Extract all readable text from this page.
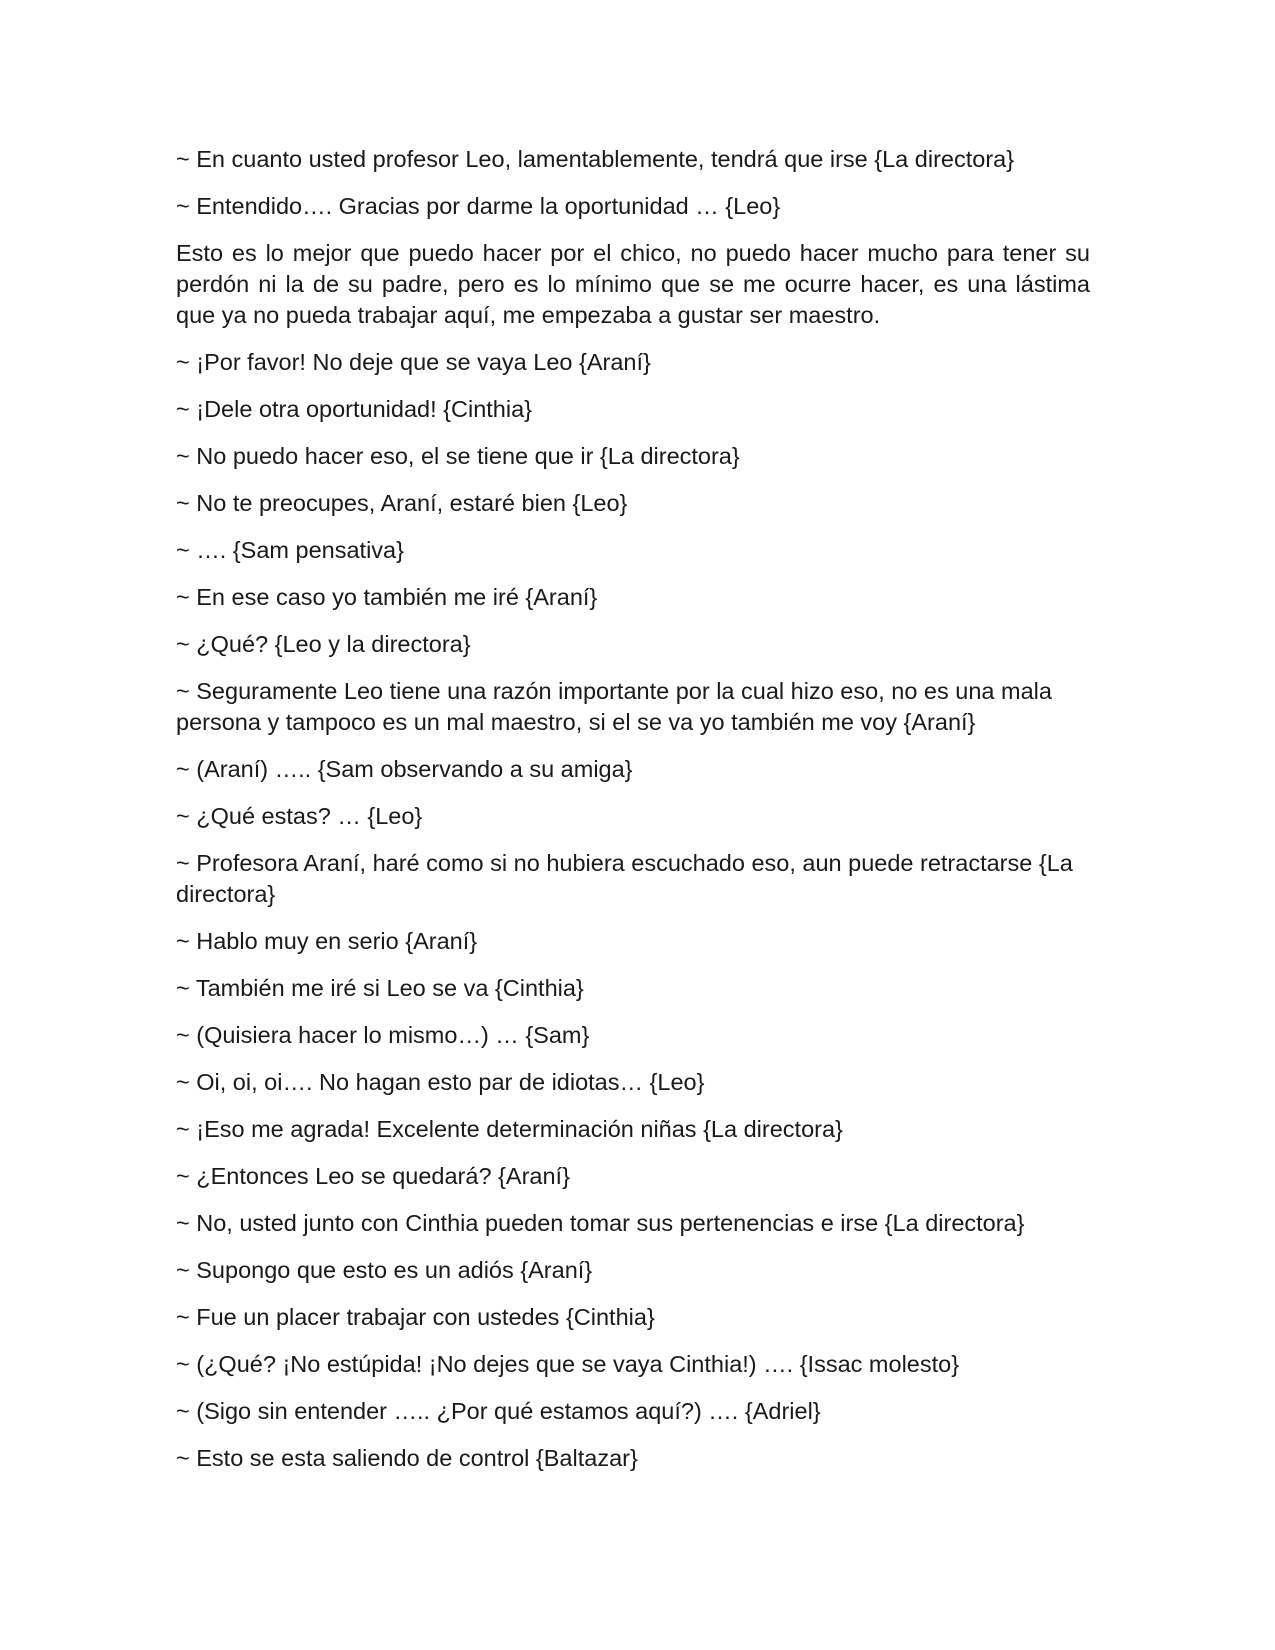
~ En cuanto usted profesor Leo, lamentablemente, tendrá que irse {La directora}

~ Entendido…. Gracias por darme la oportunidad … {Leo}

Esto es lo mejor que puedo hacer por el chico, no puedo hacer mucho para tener su perdón ni la de su padre, pero es lo mínimo que se me ocurre hacer, es una lástima que ya no pueda trabajar aquí, me empezaba a gustar ser maestro.

~ ¡Por favor! No deje que se vaya Leo {Araní}

~ ¡Dele otra oportunidad! {Cinthia}

~ No puedo hacer eso, el se tiene que ir {La directora}

~ No te preocupes, Araní, estaré bien {Leo}

~ …. {Sam pensativa}

~ En ese caso yo también me iré {Araní}

~ ¿Qué? {Leo y la directora}

~ Seguramente Leo tiene una razón importante por la cual hizo eso, no es una mala persona y tampoco es un mal maestro, si el se va yo también me voy {Araní}

~ (Araní) ….. {Sam observando a su amiga}

~ ¿Qué estas? … {Leo}

~ Profesora Araní, haré como si no hubiera escuchado eso, aun puede retractarse {La directora}

~ Hablo muy en serio {Araní}

~ También me iré si Leo se va {Cinthia}

~ (Quisiera hacer lo mismo…) … {Sam}

~ Oi, oi, oi…. No hagan esto par de idiotas… {Leo}

~ ¡Eso me agrada! Excelente determinación niñas {La directora}

~ ¿Entonces Leo se quedará? {Araní}

~ No, usted junto con Cinthia pueden tomar sus pertenencias e irse {La directora}

~ Supongo que esto es un adiós {Araní}

~ Fue un placer trabajar con ustedes {Cinthia}

~ (¿Qué? ¡No estúpida! ¡No dejes que se vaya Cinthia!) …. {Issac molesto}

~ (Sigo sin entender ….. ¿Por qué estamos aquí?) …. {Adriel}

~ Esto se esta saliendo de control {Baltazar}
